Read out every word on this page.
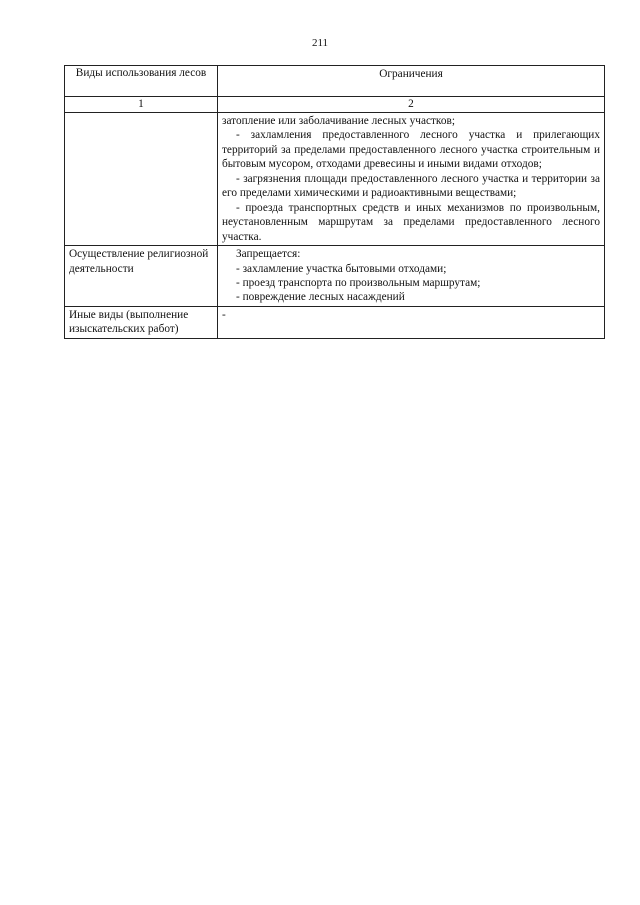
211
Виды использования лесов	Ограничения
1	2

	затопление или заболачивание лесных участков;

- захламления предоставленного лесного участка и прилегающих территорий за пределами предоставленного лесного участка строительным и бытовым мусором, отходами древесины и иными видами отходов;

- загрязнения площади предоставленного лесного участка и территории за его пределами химическими и радиоактивными веществами;

- проезда транспортных средств и иных механизмов по произвольным, неустановленным маршрутам за пределами предоставленного лесного участка.

Осуществление религиозной деятельности	Запрещается:

- захламление участка бытовыми отходами;

- проезд транспорта по произвольным маршрутам;

- повреждение лесных насаждений

Иные виды (выполнение изыскательских работ)	-
